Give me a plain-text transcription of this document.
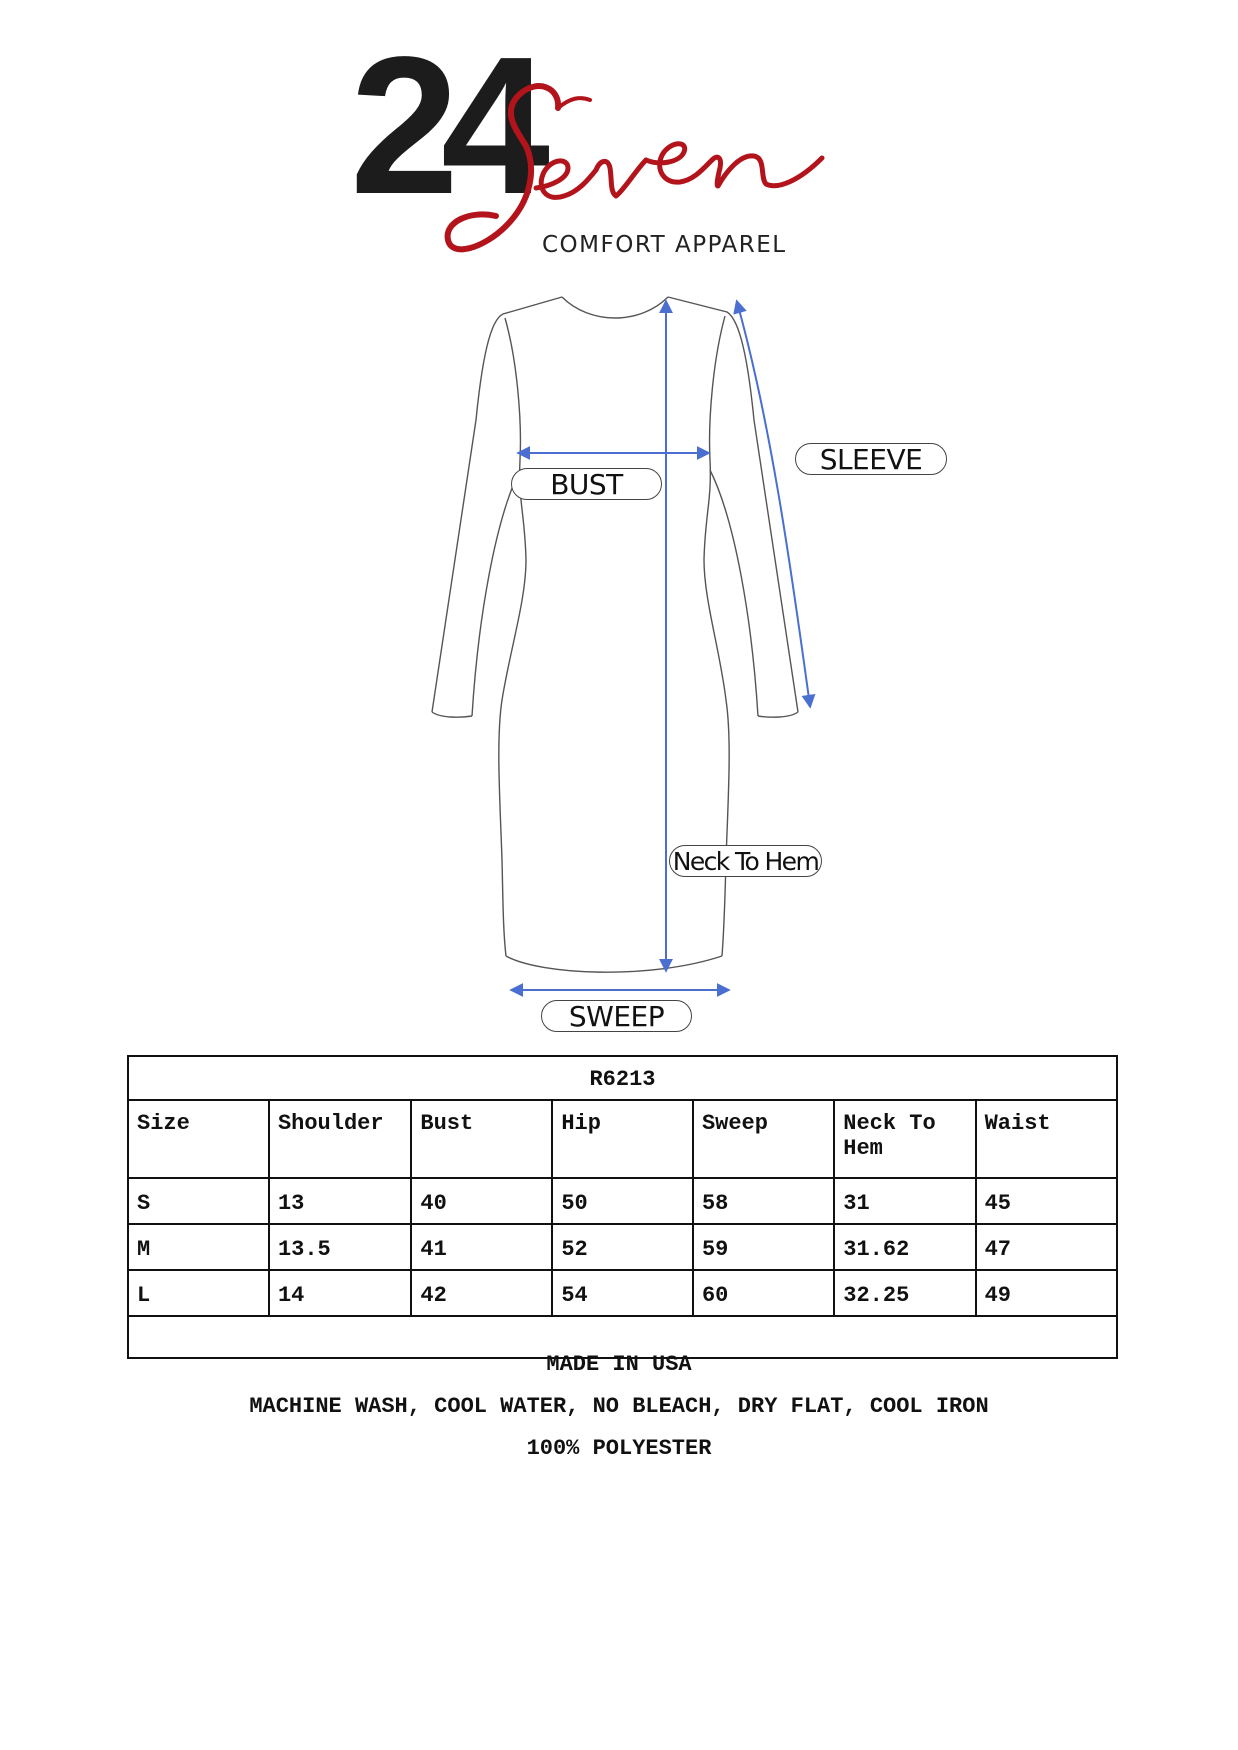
24
COMFORT APPAREL
BUST
SLEEVE
Neck To Hem
SWEEP
R6213						
Size	Shoulder	Bust	Hip	Sweep	Neck To Hem	Waist
S	13	40	50	58	31	45
M	13.5	41	52	59	31.62	47
L	14	42	54	60	32.25	49

MADE IN USA
MACHINE WASH, COOL WATER, NO BLEACH, DRY FLAT, COOL IRON
100% POLYESTER
